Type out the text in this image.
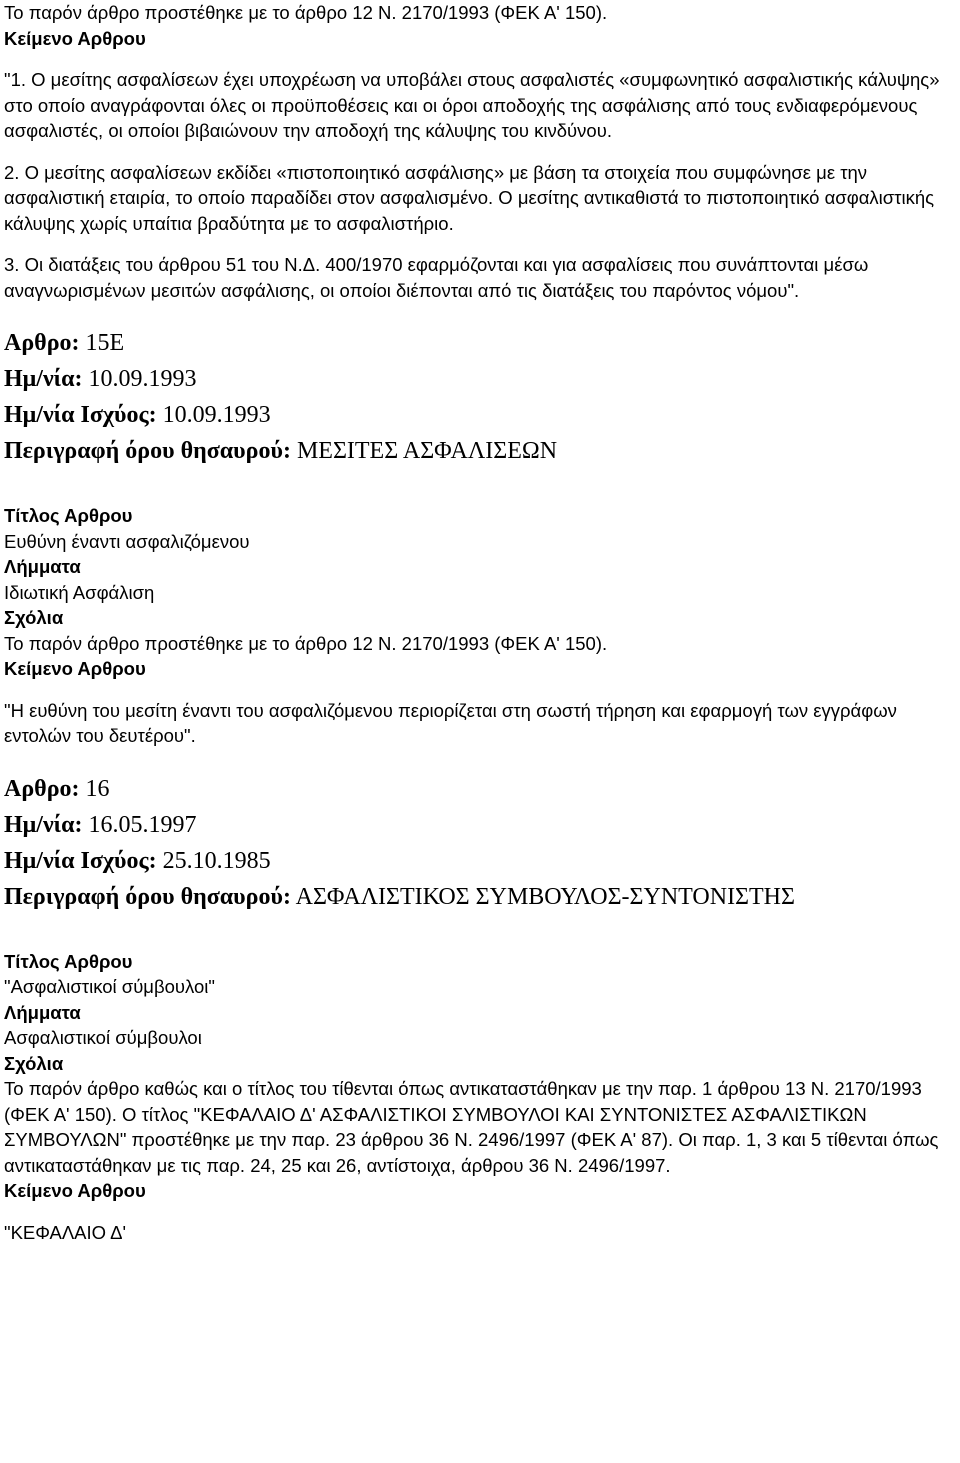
Το παρόν άρθρο προστέθηκε με το άρθρο 12 Ν. 2170/1993 (ΦΕΚ Α' 150).

Κείμενο Αρθρου

"1. Ο μεσίτης ασφαλίσεων έχει υποχρέωση να υποβάλει στους ασφαλιστές «συμφωνητικό ασφαλιστικής κάλυψης» στο οποίο αναγράφονται όλες οι προϋποθέσεις και οι όροι αποδοχής της ασφάλισης από τους ενδιαφερόμενους ασφαλιστές, οι οποίοι βιβαιώνουν την αποδοχή της κάλυψης του κινδύνου.

2. Ο μεσίτης ασφαλίσεων εκδίδει «πιστοποιητικό ασφάλισης» με βάση τα στοιχεία που συμφώνησε με την ασφαλιστική εταιρία, το οποίο παραδίδει στον ασφαλισμένο. Ο μεσίτης αντικαθιστά το πιστοποιητικό ασφαλιστικής κάλυψης χωρίς υπαίτια βραδύτητα με το ασφαλιστήριο.

3. Οι διατάξεις του άρθρου 51 του Ν.Δ. 400/1970 εφαρμόζονται και για ασφαλίσεις που συνάπτονται μέσω αναγνωρισμένων μεσιτών ασφάλισης, οι οποίοι διέπονται από τις διατάξεις του παρόντος νόμου".

Αρθρο: 15Ε

Ημ/νία: 10.09.1993

Ημ/νία Ισχύος: 10.09.1993

Περιγραφή όρου θησαυρού: ΜΕΣΙΤΕΣ ΑΣΦΑΛΙΣΕΩΝ

Τίτλος Αρθρου

Ευθύνη έναντι ασφαλιζόμενου

Λήμματα

Ιδιωτική Ασφάλιση

Σχόλια

Το παρόν άρθρο προστέθηκε με το άρθρο 12 Ν. 2170/1993 (ΦΕΚ Α' 150).

Κείμενο Αρθρου

"Η ευθύνη του μεσίτη έναντι του ασφαλιζόμενου περιορίζεται στη σωστή τήρηση και εφαρμογή των εγγράφων εντολών του δευτέρου".

Αρθρο: 16

Ημ/νία: 16.05.1997

Ημ/νία Ισχύος: 25.10.1985

Περιγραφή όρου θησαυρού: ΑΣΦΑΛΙΣΤΙΚΟΣ ΣΥΜΒΟΥΛΟΣ-ΣΥΝΤΟΝΙΣΤΗΣ

Τίτλος Αρθρου

"Ασφαλιστικοί σύμβουλοι"

Λήμματα

Ασφαλιστικοί σύμβουλοι

Σχόλια

Το παρόν άρθρο καθώς και ο τίτλος του τίθενται όπως αντικαταστάθηκαν με την παρ. 1 άρθρου 13 Ν. 2170/1993 (ΦΕΚ Α' 150). Ο τίτλος "ΚΕΦΑΛΑΙΟ Δ' ΑΣΦΑΛΙΣΤΙΚΟΙ ΣΥΜΒΟΥΛΟΙ ΚΑΙ ΣΥΝΤΟΝΙΣΤΕΣ ΑΣΦΑΛΙΣΤΙΚΩΝ ΣΥΜΒΟΥΛΩΝ" προστέθηκε με την παρ. 23 άρθρου 36 Ν. 2496/1997 (ΦΕΚ Α' 87). Οι παρ. 1, 3 και 5 τίθενται όπως αντικαταστάθηκαν με τις παρ. 24, 25 και 26, αντίστοιχα, άρθρου 36 Ν. 2496/1997.

Κείμενο Αρθρου

"ΚΕΦΑΛΑΙΟ Δ'
